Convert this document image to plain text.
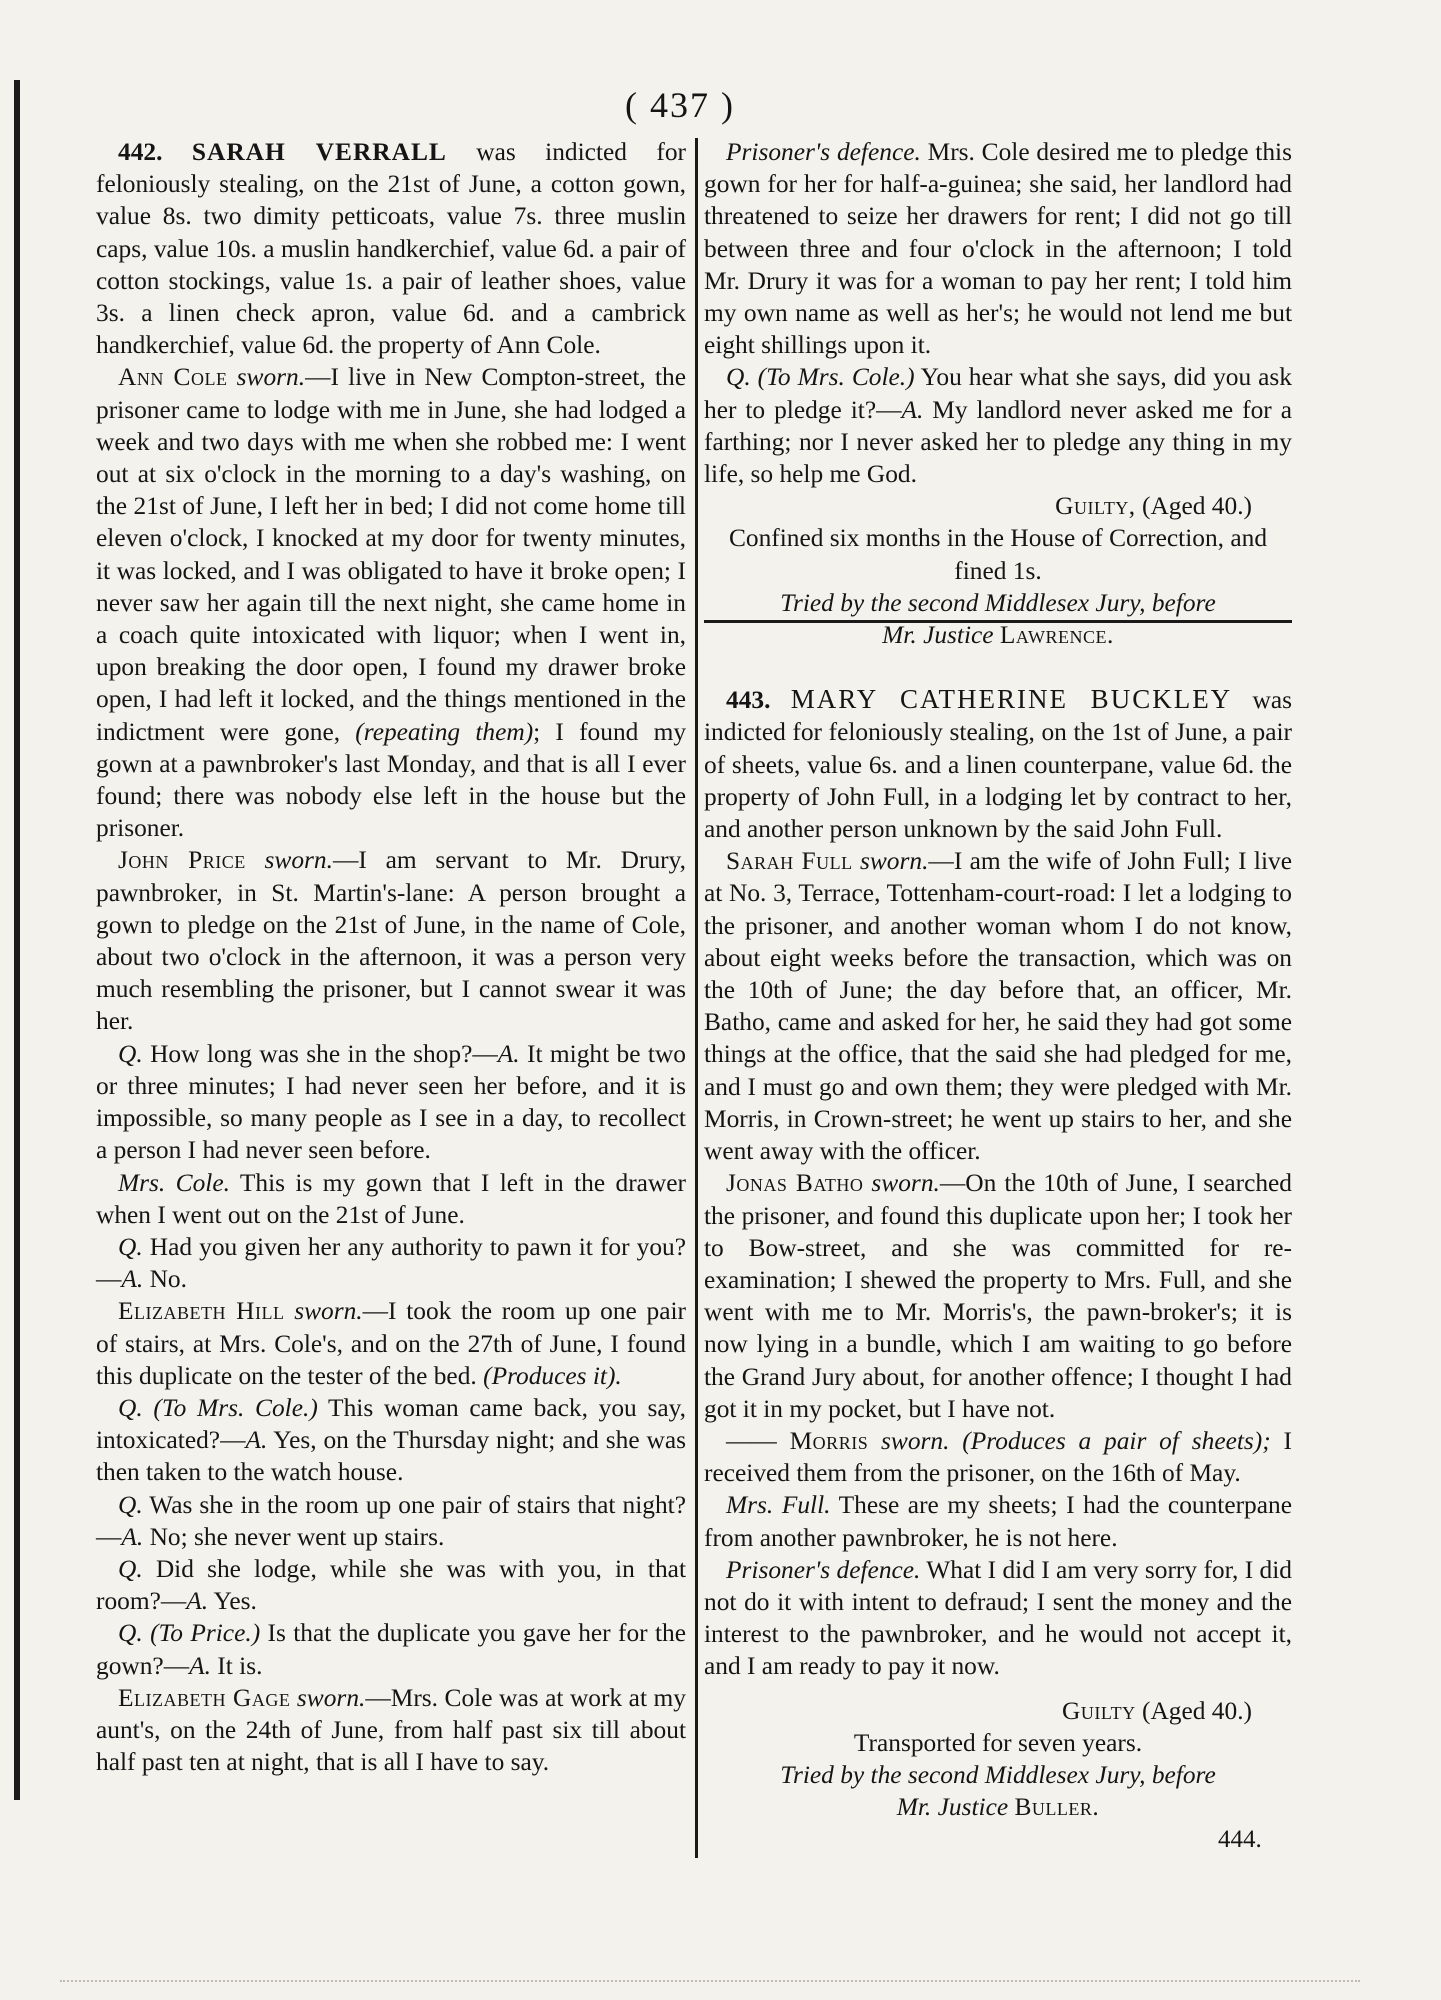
( 437 )

442. SARAH VERRALL was indicted for feloniously stealing, on the 21st of June, a cotton gown, value 8s. two dimity petticoats, value 7s. three muslin caps, value 10s. a muslin handkerchief, value 6d. a pair of cotton stockings, value 1s. a pair of leather shoes, value 3s. a linen check apron, value 6d. and a cambrick handkerchief, value 6d. the property of Ann Cole.

Ann Cole sworn.—I live in New Compton-street, the prisoner came to lodge with me in June, she had lodged a week and two days with me when she robbed me: I went out at six o'clock in the morning to a day's washing, on the 21st of June, I left her in bed; I did not come home till eleven o'clock, I knocked at my door for twenty minutes, it was locked, and I was obligated to have it broke open; I never saw her again till the next night, she came home in a coach quite intoxicated with liquor; when I went in, upon breaking the door open, I found my drawer broke open, I had left it locked, and the things mentioned in the indictment were gone, (repeating them); I found my gown at a pawnbroker's last Monday, and that is all I ever found; there was nobody else left in the house but the prisoner.

John Price sworn.—I am servant to Mr. Drury, pawnbroker, in St. Martin's-lane: A person brought a gown to pledge on the 21st of June, in the name of Cole, about two o'clock in the afternoon, it was a person very much resembling the prisoner, but I cannot swear it was her.

Q. How long was she in the shop?—A. It might be two or three minutes; I had never seen her before, and it is impossible, so many people as I see in a day, to recollect a person I had never seen before.

Mrs. Cole. This is my gown that I left in the drawer when I went out on the 21st of June.

Q. Had you given her any authority to pawn it for you?—A. No.

Elizabeth Hill sworn.—I took the room up one pair of stairs, at Mrs. Cole's, and on the 27th of June, I found this duplicate on the tester of the bed. (Produces it).

Q. (To Mrs. Cole.) This woman came back, you say, intoxicated?—A. Yes, on the Thursday night; and she was then taken to the watch house.

Q. Was she in the room up one pair of stairs that night?—A. No; she never went up stairs.

Q. Did she lodge, while she was with you, in that room?—A. Yes.

Q. (To Price.) Is that the duplicate you gave her for the gown?—A. It is.

Elizabeth Gage sworn.—Mrs. Cole was at work at my aunt's, on the 24th of June, from half past six till about half past ten at night, that is all I have to say.

Prisoner's defence. Mrs. Cole desired me to pledge this gown for her for half-a-guinea; she said, her landlord had threatened to seize her drawers for rent; I did not go till between three and four o'clock in the afternoon; I told Mr. Drury it was for a woman to pay her rent; I told him my own name as well as her's; he would not lend me but eight shillings upon it.

Q. (To Mrs. Cole.) You hear what she says, did you ask her to pledge it?—A. My landlord never asked me for a farthing; nor I never asked her to pledge any thing in my life, so help me God.

Guilty, (Aged 40.)

Confined six months in the House of Correction, and fined 1s.

Tried by the second Middlesex Jury, before

Mr. Justice Lawrence.

443. MARY CATHERINE BUCKLEY was indicted for feloniously stealing, on the 1st of June, a pair of sheets, value 6s. and a linen counterpane, value 6d. the property of John Full, in a lodging let by contract to her, and another person unknown by the said John Full.

Sarah Full sworn.—I am the wife of John Full; I live at No. 3, Terrace, Tottenham-court-road: I let a lodging to the prisoner, and another woman whom I do not know, about eight weeks before the transaction, which was on the 10th of June; the day before that, an officer, Mr. Batho, came and asked for her, he said they had got some things at the office, that the said she had pledged for me, and I must go and own them; they were pledged with Mr. Morris, in Crown-street; he went up stairs to her, and she went away with the officer.

Jonas Batho sworn.—On the 10th of June, I searched the prisoner, and found this duplicate upon her; I took her to Bow-street, and she was committed for re-examination; I shewed the property to Mrs. Full, and she went with me to Mr. Morris's, the pawn-broker's; it is now lying in a bundle, which I am waiting to go before the Grand Jury about, for another offence; I thought I had got it in my pocket, but I have not.

—— Morris sworn. (Produces a pair of sheets); I received them from the prisoner, on the 16th of May.

Mrs. Full. These are my sheets; I had the counterpane from another pawnbroker, he is not here.

Prisoner's defence. What I did I am very sorry for, I did not do it with intent to defraud; I sent the money and the interest to the pawnbroker, and he would not accept it, and I am ready to pay it now.

Guilty (Aged 40.)

Transported for seven years.

Tried by the second Middlesex Jury, before

Mr. Justice Buller.

444.
